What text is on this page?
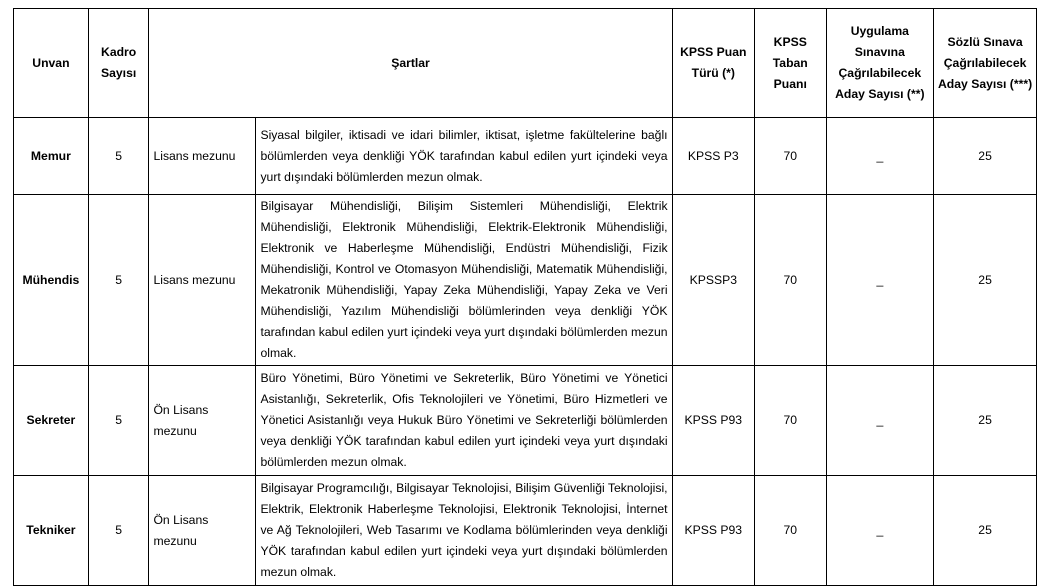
Unvan	Kadro Sayısı	Şartlar		KPSS Puan Türü (*)	KPSS Taban Puanı	Uygulama Sınavına Çağrılabilecek Aday Sayısı (**)	Sözlü Sınava Çağrılabilecek Aday Sayısı (***)
Memur	5	Lisans mezunu	Siyasal bilgiler, iktisadi ve idari bilimler, iktisat, işletme fakültelerine bağlı bölümlerden veya denkliği YÖK tarafından kabul edilen yurt içindeki veya yurt dışındaki bölümlerden mezun olmak.	KPSS P3	70	_	25
Mühendis	5	Lisans mezunu	Bilgisayar Mühendisliği, Bilişim Sistemleri Mühendisliği, Elektrik Mühendisliği, Elektronik Mühendisliği, Elektrik-Elektronik Mühendisliği, Elektronik ve Haberleşme Mühendisliği, Endüstri Mühendisliği, Fizik Mühendisliği, Kontrol ve Otomasyon Mühendisliği, Matematik Mühendisliği, Mekatronik Mühendisliği, Yapay Zeka Mühendisliği, Yapay Zeka ve Veri Mühendisliği, Yazılım Mühendisliği bölümlerinden veya denkliği YÖK tarafından kabul edilen yurt içindeki veya yurt dışındaki bölümlerden mezun olmak.	KPSSP3	70	_	25
Sekreter	5	Ön Lisans mezunu	Büro Yönetimi, Büro Yönetimi ve Sekreterlik, Büro Yönetimi ve Yönetici Asistanlığı, Sekreterlik, Ofis Teknolojileri ve Yönetimi, Büro Hizmetleri ve Yönetici Asistanlığı veya Hukuk Büro Yönetimi ve Sekreterliği bölümlerden veya denkliği YÖK tarafından kabul edilen yurt içindeki veya yurt dışındaki bölümlerden mezun olmak.	KPSS P93	70	_	25
Tekniker	5	Ön Lisans mezunu	Bilgisayar Programcılığı, Bilgisayar Teknolojisi, Bilişim Güvenliği Teknolojisi, Elektrik, Elektronik Haberleşme Teknolojisi, Elektronik Teknolojisi, İnternet ve Ağ Teknolojileri, Web Tasarımı ve Kodlama bölümlerinden veya denkliği YÖK tarafından kabul edilen yurt içindeki veya yurt dışındaki bölümlerden mezun olmak.	KPSS P93	70	_	25
